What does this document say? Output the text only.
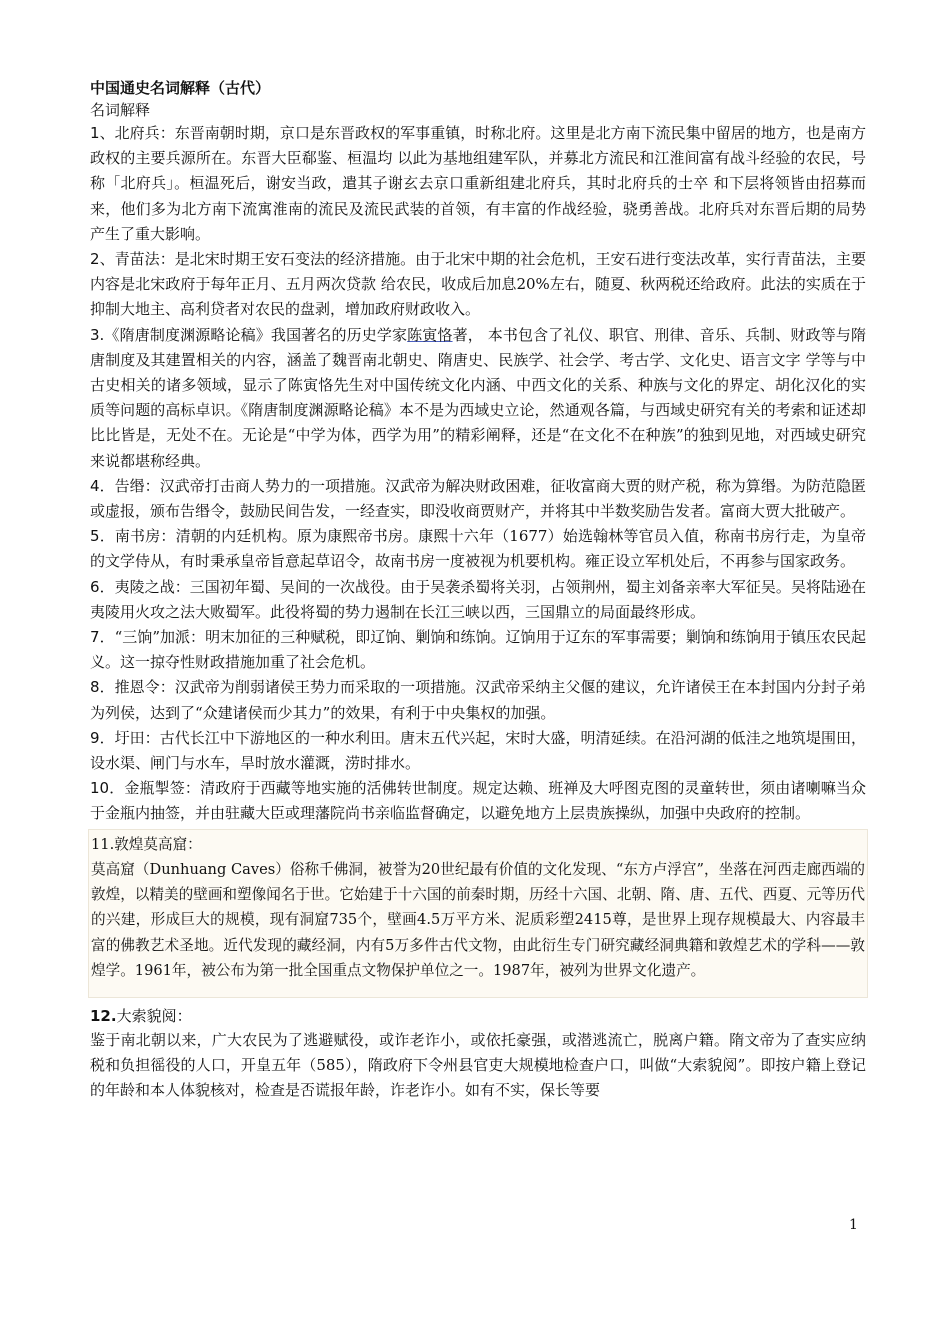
中国通史名词解释（古代）

名词解释

1、北府兵：东晋南朝时期，京口是东晋政权的军事重镇，时称北府。这里是北方南下流民集中留居的地方，也是南方政权的主要兵源所在。东晋大臣郗鉴、桓温均 以此为基地组建军队，并募北方流民和江淮间富有战斗经验的农民，号称「北府兵」。桓温死后，谢安当政，遣其子谢玄去京口重新组建北府兵，其时北府兵的士卒 和下层将领皆由招募而来，他们多为北方南下流寓淮南的流民及流民武装的首领，有丰富的作战经验，骁勇善战。北府兵对东晋后期的局势产生了重大影响。

2、青苗法：是北宋时期王安石变法的经济措施。由于北宋中期的社会危机，王安石进行变法改革，实行青苗法，主要内容是北宋政府于每年正月、五月两次贷款 给农民，收成后加息20%左右，随夏、秋两税还给政府。此法的实质在于抑制大地主、高利贷者对农民的盘剥，增加政府财政收入。

3.《隋唐制度渊源略论稿》我国著名的历史学家陈寅恪著， 本书包含了礼仪、职官、刑律、音乐、兵制、财政等与隋唐制度及其建置相关的内容，涵盖了魏晋南北朝史、隋唐史、民族学、社会学、考古学、文化史、语言文字 学等与中古史相关的诸多领域，显示了陈寅恪先生对中国传统文化内涵、中西文化的关系、种族与文化的界定、胡化汉化的实质等问题的高标卓识。《隋唐制度渊源略论稿》本不是为西域史立论，然通观各篇，与西域史研究有关的考索和证述却比比皆是，无处不在。无论是“中学为体，西学为用”的精彩阐释，还是“在文化不在种族”的独到见地，对西域史研究来说都堪称经典。

4．告缗：汉武帝打击商人势力的一项措施。汉武帝为解决财政困难，征收富商大贾的财产税，称为算缗。为防范隐匿或虚报，颁布告缗令，鼓励民间告发，一经查实，即没收商贾财产，并将其中半数奖励告发者。富商大贾大批破产。

5．南书房：清朝的内廷机构。原为康熙帝书房。康熙十六年（1677）始选翰林等官员入值，称南书房行走，为皇帝的文学侍从，有时秉承皇帝旨意起草诏令，故南书房一度被视为机要机构。雍正设立军机处后，不再参与国家政务。

6．夷陵之战：三国初年蜀、吴间的一次战役。由于吴袭杀蜀将关羽，占领荆州，蜀主刘备亲率大军征吴。吴将陆逊在夷陵用火攻之法大败蜀军。此役将蜀的势力遏制在长江三峡以西，三国鼎立的局面最终形成。

7．“三饷”加派：明末加征的三种赋税，即辽饷、剿饷和练饷。辽饷用于辽东的军事需要；剿饷和练饷用于镇压农民起义。这一掠夺性财政措施加重了社会危机。

8．推恩令：汉武帝为削弱诸侯王势力而采取的一项措施。汉武帝采纳主父偃的建议，允许诸侯王在本封国内分封子弟为列侯，达到了“众建诸侯而少其力”的效果，有利于中央集权的加强。

9．圩田：古代长江中下游地区的一种水利田。唐末五代兴起，宋时大盛，明清延续。在沿河湖的低洼之地筑堤围田，设水渠、闸门与水车，旱时放水灌溉，涝时排水。

10．金瓶掣签：清政府于西藏等地实施的活佛转世制度。规定达赖、班禅及大呼图克图的灵童转世，须由诸喇嘛当众于金瓶内抽签，并由驻藏大臣或理藩院尚书亲临监督确定，以避免地方上层贵族操纵，加强中央政府的控制。

11.敦煌莫高窟：

莫高窟（Dunhuang Caves）俗称千佛洞，被誉为20世纪最有价值的文化发现、“东方卢浮宫”，坐落在河西走廊西端的敦煌，以精美的壁画和塑像闻名于世。它始建于十六国的前秦时期，历经十六国、北朝、隋、唐、五代、西夏、元等历代的兴建，形成巨大的规模，现有洞窟735个，壁画4.5万平方米、泥质彩塑2415尊，是世界上现存规模最大、内容最丰富的佛教艺术圣地。近代发现的藏经洞，内有5万多件古代文物，由此衍生专门研究藏经洞典籍和敦煌艺术的学科——敦煌学。1961年，被公布为第一批全国重点文物保护单位之一。1987年，被列为世界文化遗产。

12.大索貌阅：

鉴于南北朝以来，广大农民为了逃避赋役，或诈老诈小，或依托豪强，或潜逃流亡，脱离户籍。隋文帝为了查实应纳税和负担徭役的人口，开皇五年（585），隋政府下令州县官吏大规模地检查户口，叫做“大索貌阅”。即按户籍上登记的年龄和本人体貌核对，检查是否谎报年龄，诈老诈小。如有不实，保长等要

1
